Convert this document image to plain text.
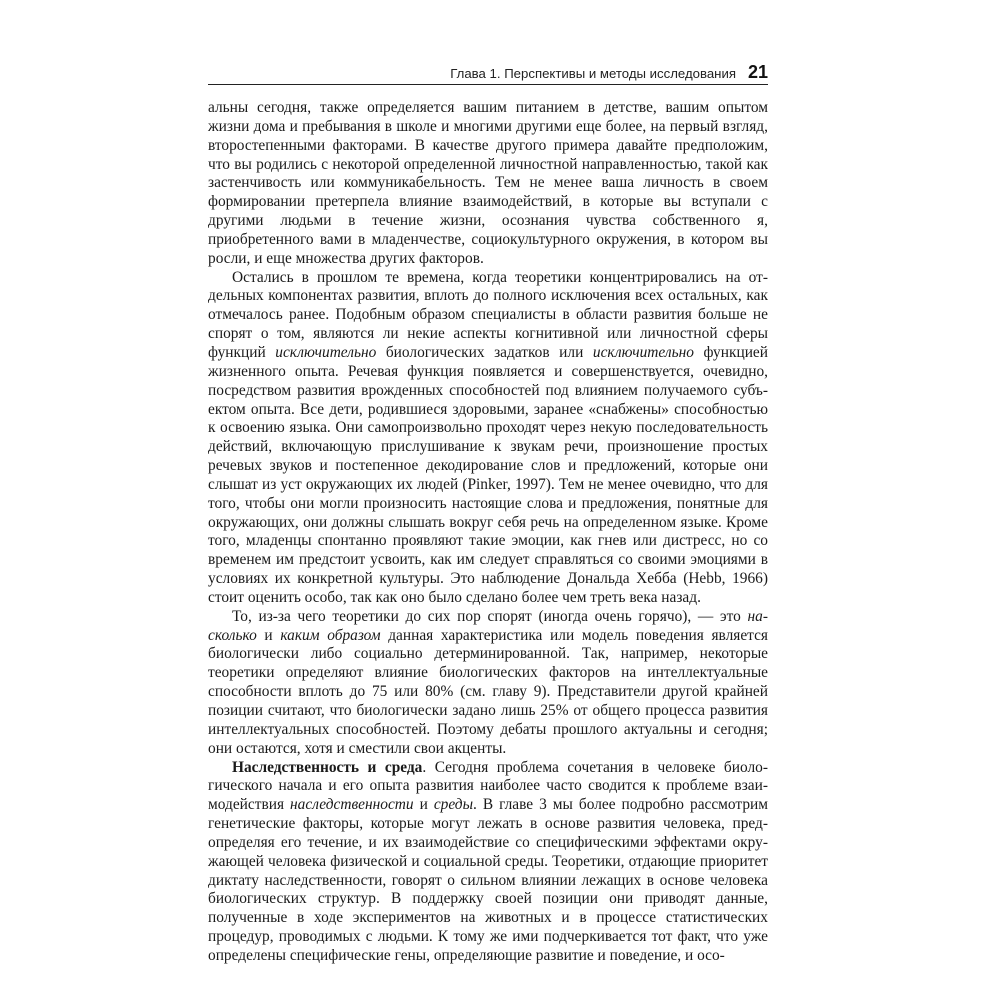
Глава 1. Перспективы и методы исследования 21

альны сегодня, также определяется вашим питанием в детстве, вашим опытом жизни дома и пребывания в школе и многими другими еще более, на первый взгляд, второстепенными факторами. В качестве другого примера давайте предположим, что вы родились с некоторой определенной личностной направленностью, такой как застенчивость или коммуникабельность. Тем не менее ваша личность в своем формировании претерпела влияние взаимодействий, в которые вы вступали с другими людьми в течение жизни, осознания чувства собственного я, приобретенного вами в младенчестве, социокультурного окружения, в котором вы росли, и еще множества других факторов.

Остались в прошлом те времена, когда теоретики концентрировались на отдельных компонентах развития, вплоть до полного исключения всех остальных, как отмечалось ранее. Подобным образом специалисты в области развития больше не спорят о том, являются ли некие аспекты когнитивной или личностной сферы функций исключительно биологических задатков или исключительно функцией жизненного опыта. Речевая функция появляется и совершенствуется, очевидно, посредством развития врожденных способностей под влиянием получаемого субъектом опыта. Все дети, родившиеся здоровыми, заранее «снабжены» способностью к освоению языка. Они самопроизвольно проходят через некую последовательность действий, включающую прислушивание к звукам речи, произношение простых речевых звуков и постепенное декодирование слов и предложений, которые они слышат из уст окружающих их людей (Pinker, 1997). Тем не менее очевидно, что для того, чтобы они могли произносить настоящие слова и предложения, понятные для окружающих, они должны слышать вокруг себя речь на определенном языке. Кроме того, младенцы спонтанно проявляют такие эмоции, как гнев или дистресс, но со временем им предстоит усвоить, как им следует справляться со своими эмоциями в условиях их конкретной культуры. Это наблюдение Дональда Хебба (Hebb, 1966) стоит оценить особо, так как оно было сделано более чем треть века назад.

То, из-за чего теоретики до сих пор спорят (иногда очень горячо), — это насколько и каким образом данная характеристика или модель поведения является биологически либо социально детерминированной. Так, например, некоторые теоретики определяют влияние биологических факторов на интеллектуальные способности вплоть до 75 или 80% (см. главу 9). Представители другой крайней позиции считают, что биологически задано лишь 25% от общего процесса развития интеллектуальных способностей. Поэтому дебаты прошлого актуальны и сегодня; они остаются, хотя и сместили свои акценты.

Наследственность и среда. Сегодня проблема сочетания в человеке биологического начала и его опыта развития наиболее часто сводится к проблеме взаимодействия наследственности и среды. В главе 3 мы более подробно рассмотрим генетические факторы, которые могут лежать в основе развития человека, предопределяя его течение, и их взаимодействие со специфическими эффектами окружающей человека физической и социальной среды. Теоретики, отдающие приоритет диктату наследственности, говорят о сильном влиянии лежащих в основе человека биологических структур. В поддержку своей позиции они приводят данные, полученные в ходе экспериментов на животных и в процессе статистических процедур, проводимых с людьми. К тому же ими подчеркивается тот факт, что уже определены специфические гены, определяющие развитие и поведение, и осо-
